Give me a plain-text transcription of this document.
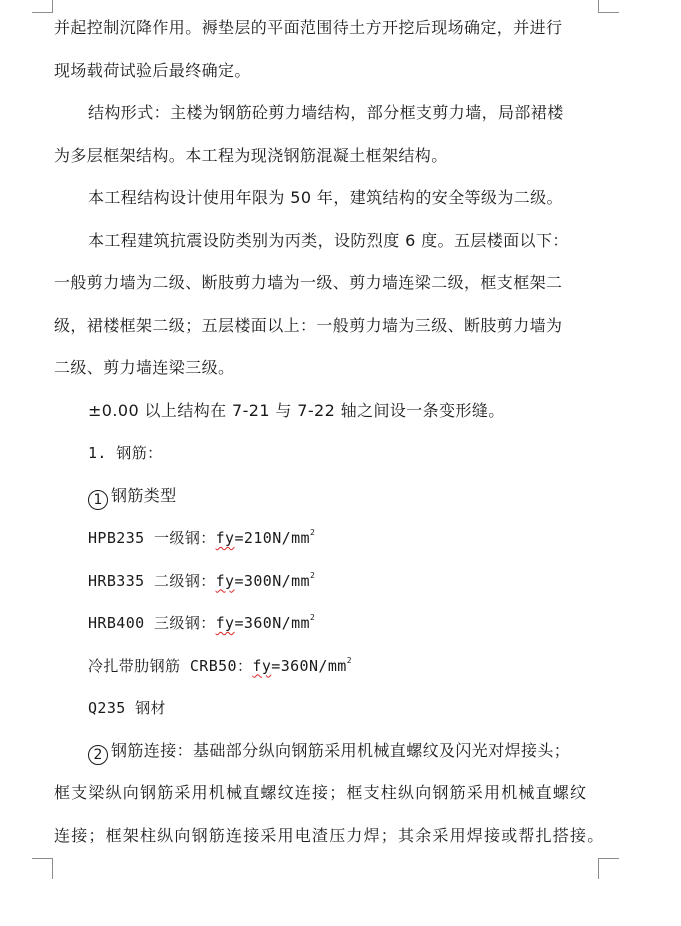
并起控制沉降作用。褥垫层的平面范围待土方开挖后现场确定，并进行
现场载荷试验后最终确定。
结构形式：主楼为钢筋砼剪力墙结构，部分框支剪力墙，局部裙楼
为多层框架结构。本工程为现浇钢筋混凝土框架结构。
本工程结构设计使用年限为 50 年，建筑结构的安全等级为二级。
本工程建筑抗震设防类别为丙类，设防烈度 6 度。五层楼面以下：
一般剪力墙为二级、断肢剪力墙为一级、剪力墙连梁二级，框支框架二
级，裙楼框架二级；五层楼面以上：一般剪力墙为三级、断肢剪力墙为
二级、剪力墙连梁三级。
±0.00 以上结构在 7-21 与 7-22 轴之间设一条变形缝。
1. 钢筋：
1 钢筋类型
HPB235 一级钢：$fy=210N/mm^2$
HRB335 二级钢：$fy=300N/mm^2$
HRB400 三级钢：$fy=360N/mm^2$
冷扎带肋钢筋 CRB50：$fy=360N/mm^2$
Q235 钢材
2 钢筋连接：基础部分纵向钢筋采用机械直螺纹及闪光对焊接头；
框支梁纵向钢筋采用机械直螺纹连接；框支柱纵向钢筋采用机械直螺纹
连接；框架柱纵向钢筋连接采用电渣压力焊；其余采用焊接或帮扎搭接。
